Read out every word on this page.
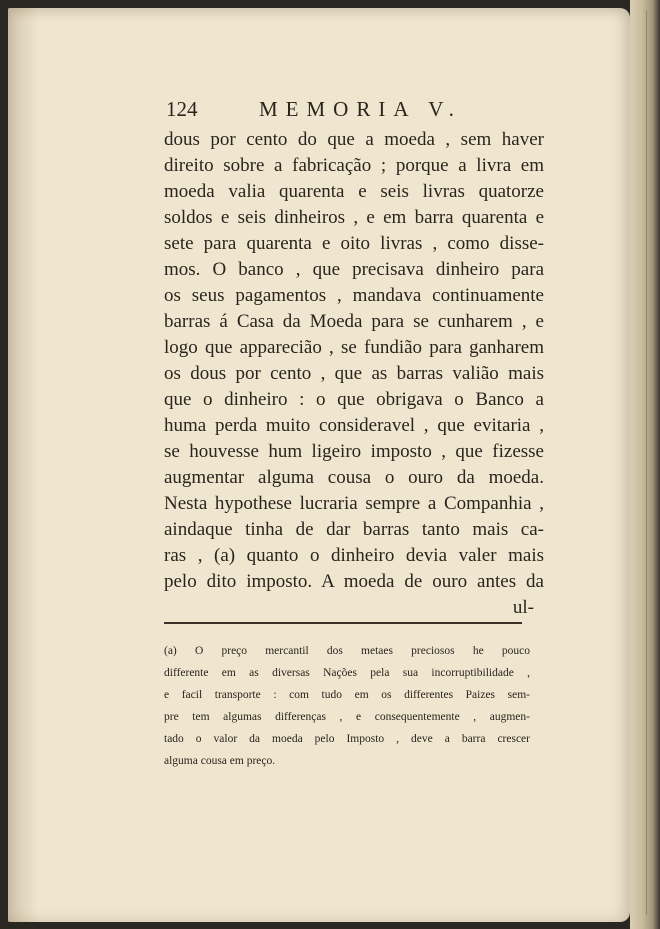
124	MEMORIA V.
dous por cento do que a moeda , sem haver
direito sobre a fabricação ; porque a livra em
moeda valia quarenta e seis livras quatorze
soldos e seis dinheiros , e em barra quarenta e
sete para quarenta e oito livras , como disse-
mos. O banco , que precisava dinheiro para
os seus pagamentos , mandava continuamente
barras á Casa da Moeda para se cunharem , e
logo que apparecião , se fundião para ganharem
os dous por cento , que as barras valião mais
que o dinheiro : o que obrigava o Banco a
huma perda muito consideravel , que evitaria ,
se houvesse hum ligeiro imposto , que fizesse
augmentar alguma cousa o ouro da moeda.
Nesta hypothese lucraria sempre a Companhia ,
aindaque tinha de dar barras tanto mais ca-
ras , (a) quanto o dinheiro devia valer mais
pelo dito imposto. A moeda de ouro antes da
ul-
(a) O preço mercantil dos metaes preciosos he pouco
differente em as diversas Nações pela sua incorruptibilidade ,
e facil transporte : com tudo em os differentes Paizes sem-
pre tem algumas differenças , e consequentemente , augmen-
tado o valor da moeda pelo Imposto , deve a barra crescer
alguma cousa em preço.
